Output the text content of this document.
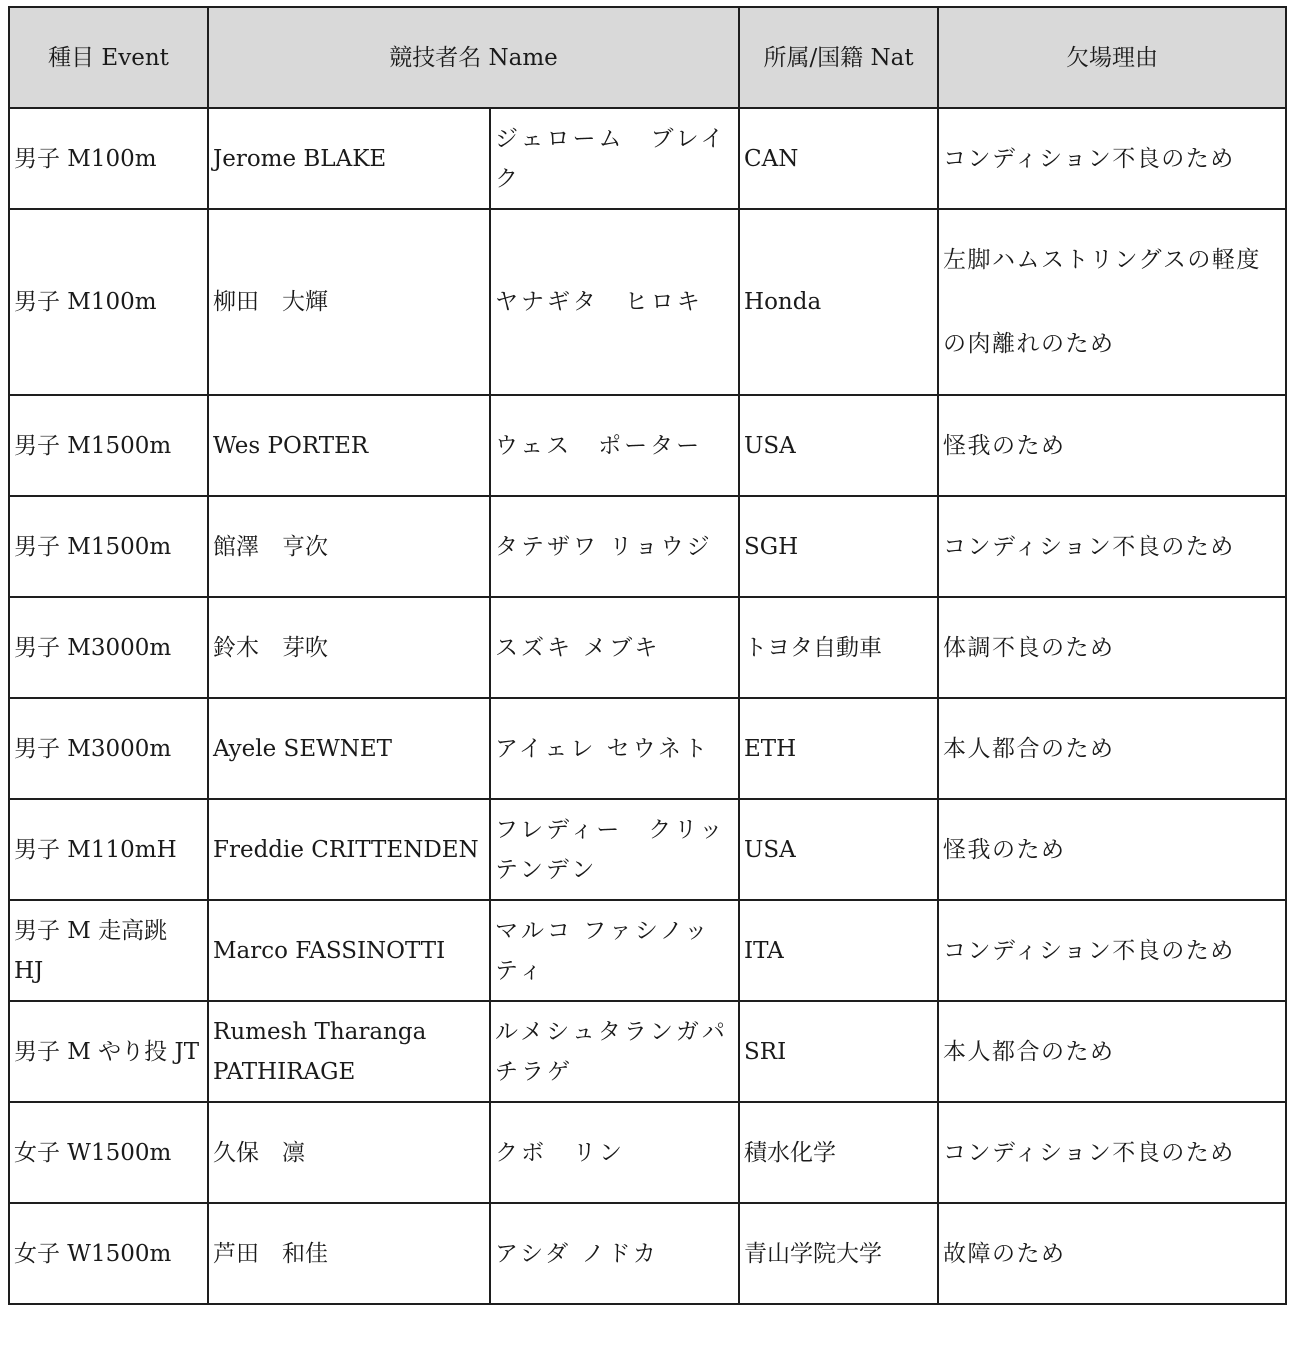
種目 Event	競技者名 Name		所属/国籍 Nat	欠場理由
男子 M100m	Jerome BLAKE	ジェローム　ブレイク	CAN	コンディション不良のため
男子 M100m	柳田　大輝	ヤナギタ　ヒロキ	Honda	左脚ハムストリングスの軽度の肉離れのため
男子 M1500m	Wes PORTER	ウェス　ポーター	USA	怪我のため
男子 M1500m	館澤　亨次	タテザワ リョウジ	SGH	コンディション不良のため
男子 M3000m	鈴木　芽吹	スズキ メブキ	トヨタ自動車	体調不良のため
男子 M3000m	Ayele SEWNET	アイェレ セウネト	ETH	本人都合のため
男子 M110mH	Freddie CRITTENDEN	フレディー　クリッテンデン	USA	怪我のため
男子 M 走高跳 HJ	Marco FASSINOTTI	マルコ ファシノッティ	ITA	コンディション不良のため
男子 M やり投 JT	Rumesh Tharanga PATHIRAGE	ルメシュタランガパチラゲ	SRI	本人都合のため
女子 W1500m	久保　凛	クボ　リン	積水化学	コンディション不良のため
女子 W1500m	芦田　和佳	アシダ ノドカ	青山学院大学	故障のため
